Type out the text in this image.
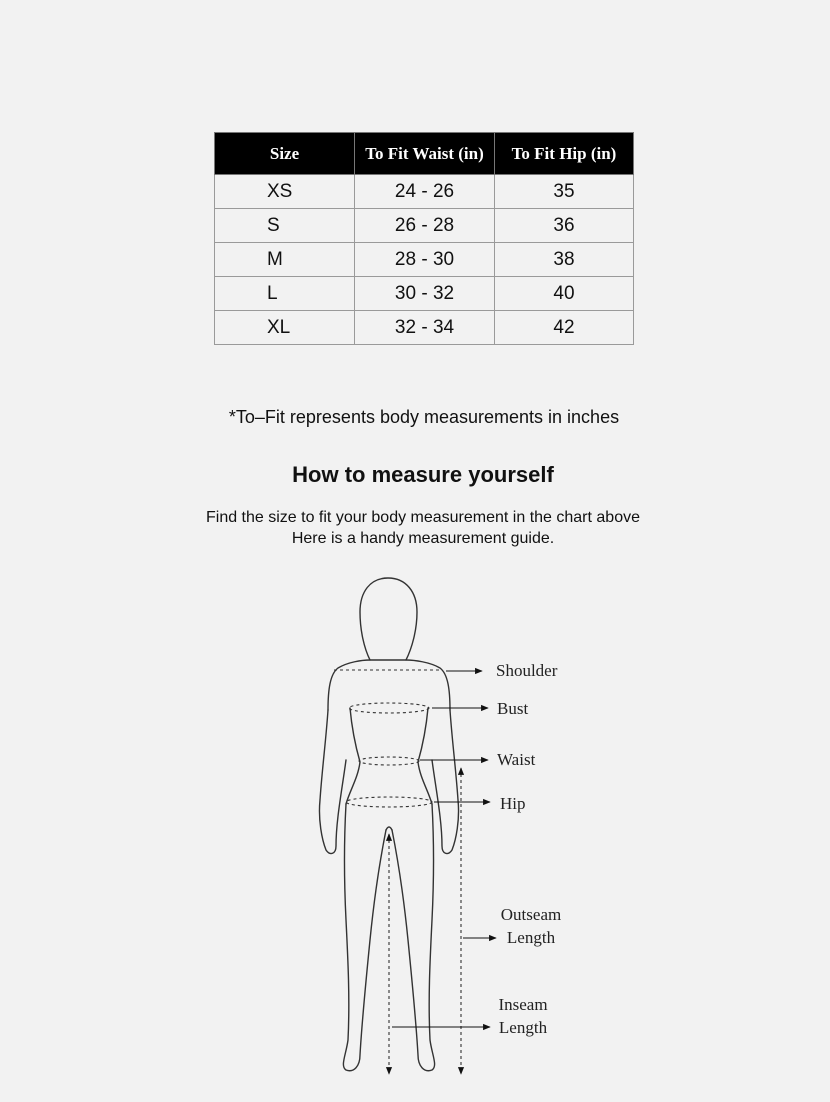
Size	To Fit Waist (in)	To Fit Hip (in)
XS	24 - 26	35
S	26 - 28	36
M	28 - 30	38
L	30 - 32	40
XL	32 - 34	42
*To–Fit represents body measurements in inches
How to measure yourself
Find the size to fit your body measurement in the chart above
Here is a handy measurement guide.
Shoulder
Bust
Waist
Hip
Outseam
Length
Inseam
Length
